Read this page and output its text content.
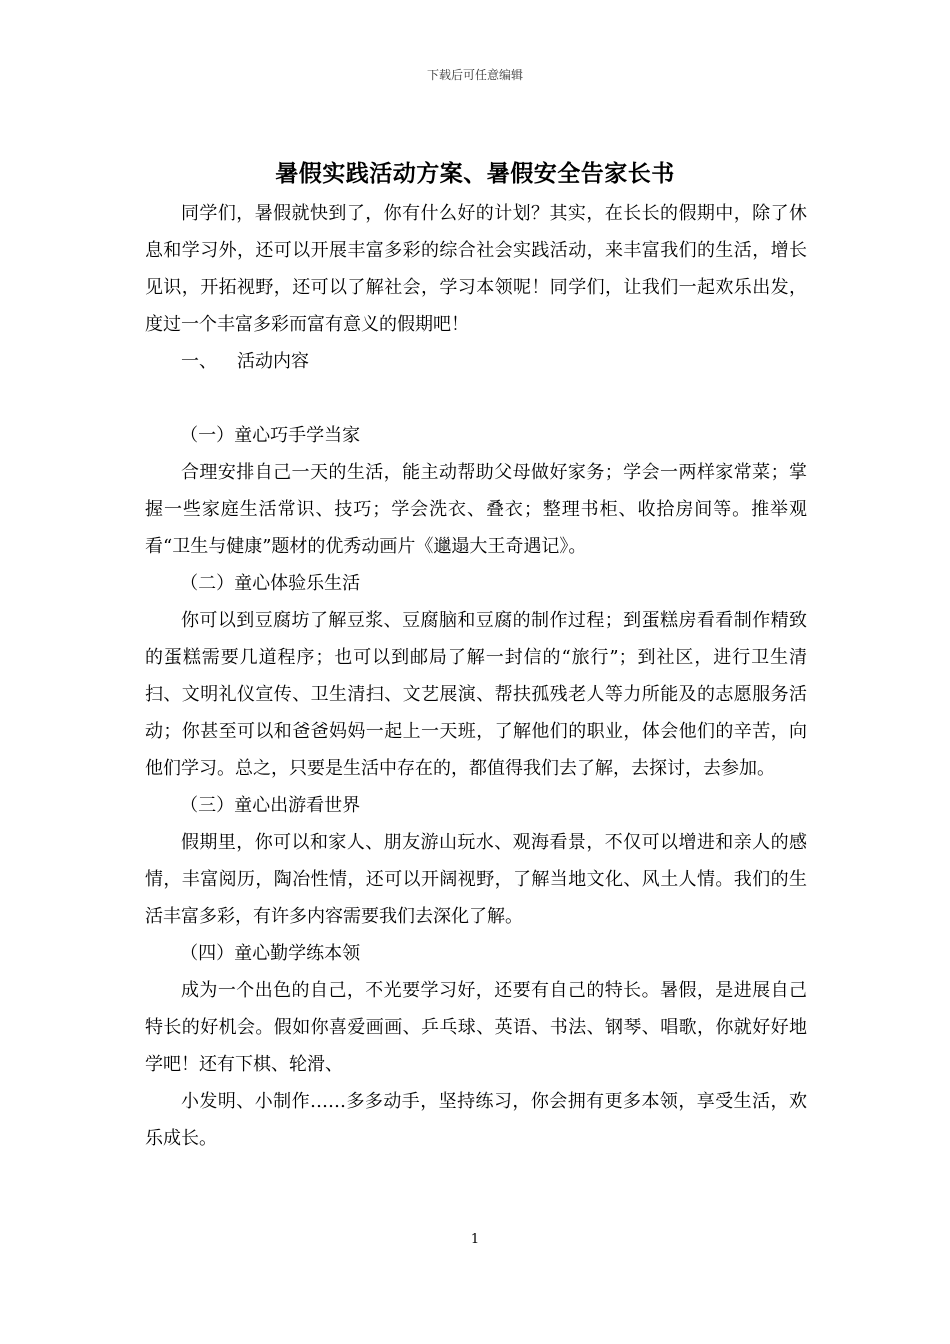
下载后可任意编辑
暑假实践活动方案、暑假安全告家长书

同学们，暑假就快到了，你有什么好的计划？其实，在长长的假期中，除了休息和学习外，还可以开展丰富多彩的综合社会实践活动，来丰富我们的生活，增长见识，开拓视野，还可以了解社会，学习本领呢！同学们，让我们一起欢乐出发，度过一个丰富多彩而富有意义的假期吧！

一、 活动内容

（一）童心巧手学当家

合理安排自己一天的生活，能主动帮助父母做好家务；学会一两样家常菜；掌握一些家庭生活常识、技巧；学会洗衣、叠衣；整理书柜、收拾房间等。推举观看“卫生与健康”题材的优秀动画片《邋遢大王奇遇记》。

（二）童心体验乐生活

你可以到豆腐坊了解豆浆、豆腐脑和豆腐的制作过程；到蛋糕房看看制作精致的蛋糕需要几道程序；也可以到邮局了解一封信的“旅行”；到社区，进行卫生清扫、文明礼仪宣传、卫生清扫、文艺展演、帮扶孤残老人等力所能及的志愿服务活动；你甚至可以和爸爸妈妈一起上一天班，了解他们的职业，体会他们的辛苦，向他们学习。总之，只要是生活中存在的，都值得我们去了解，去探讨，去参加。

（三）童心出游看世界

假期里，你可以和家人、朋友游山玩水、观海看景，不仅可以增进和亲人的感情，丰富阅历，陶冶性情，还可以开阔视野，了解当地文化、风土人情。我们的生活丰富多彩，有许多内容需要我们去深化了解。

（四）童心勤学练本领

成为一个出色的自己，不光要学习好，还要有自己的特长。暑假，是进展自己特长的好机会。假如你喜爱画画、乒乓球、英语、书法、钢琴、唱歌，你就好好地学吧！还有下棋、轮滑、

小发明、小制作……多多动手，坚持练习，你会拥有更多本领，享受生活，欢乐成长。

1
